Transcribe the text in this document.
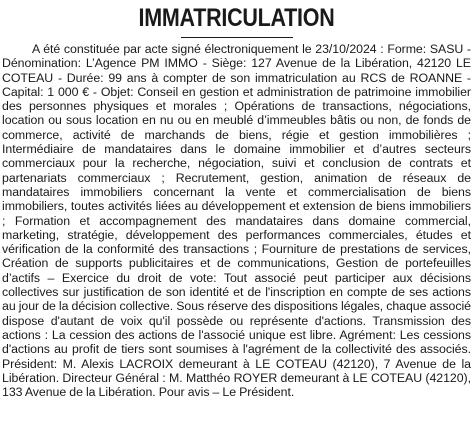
IMMATRICULATION

A été constituée par acte signé électroniquement le 23/10/2024 : Forme: SASU - Dénomination: L’Agence PM IMMO - Siège: 127 Avenue de la Libération, 42120 LE COTEAU - Durée: 99 ans à compter de son immatriculation au RCS de ROANNE - Capital: 1 000 € - Objet: Conseil en gestion et administration de patrimoine immobilier des personnes physiques et morales ; Opérations de transactions, négociations, location ou sous location en nu ou en meublé d’immeubles bâtis ou non, de fonds de commerce, activité de marchands de biens, régie et gestion immobilières ; Intermédiaire de mandataires dans le domaine immobilier et d’autres secteurs commerciaux pour la recherche, négociation, suivi et conclusion de contrats et partenariats commerciaux ; Recrutement, gestion, animation de réseaux de mandataires immobiliers concernant la vente et commercialisation de biens immobiliers, toutes activités liées au développement et extension de biens immobiliers ; Formation et accompagnement des mandataires dans domaine commercial, marketing, stratégie, développement des performances commerciales, études et vérification de la conformité des transactions ; Fourniture de prestations de services, Création de supports publicitaires et de communications, Gestion de portefeuilles d’actifs – Exercice du droit de vote: Tout associé peut participer aux décisions collectives sur justification de son identité et de l'inscription en compte de ses actions au jour de la décision collective. Sous réserve des dispositions légales, chaque associé dispose d'autant de voix qu'il possède ou représente d'actions. Transmission des actions : La cession des actions de l'associé unique est libre. Agrément: Les cessions d'actions au profit de tiers sont soumises à l'agrément de la collectivité des associés. Président: M. Alexis LACROIX demeurant à LE COTEAU (42120), 7 Avenue de la Libération. Directeur Général : M. Matthéo ROYER demeurant à LE COTEAU (42120), 133 Avenue de la Libération. Pour avis – Le Président.
